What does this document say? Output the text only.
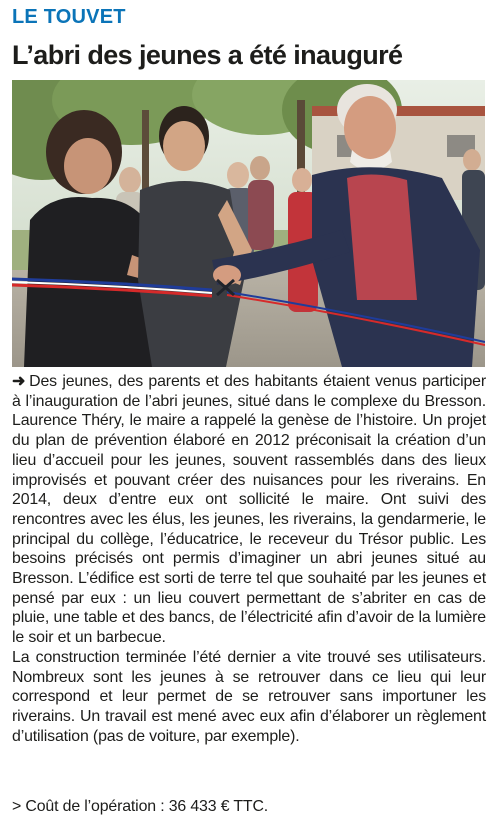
LE TOUVET
L’abri des jeunes a été inauguré

➜ Des jeunes, des parents et des habitants étaient venus participer à l’inauguration de l’abri jeunes, situé dans le complexe du Bresson. Laurence Théry, le maire a rappelé la genèse de l’histoire. Un projet du plan de prévention élaboré en 2012 préconisait la création d’un lieu d’accueil pour les jeunes, souvent rassemblés dans des lieux improvisés et pouvant créer des nuisances pour les riverains. En 2014, deux d’entre eux ont sollicité le maire. Ont suivi des rencontres avec les élus, les jeunes, les riverains, la gendarmerie, le principal du collège, l’éducatrice, le receveur du Trésor public. Les besoins précisés ont permis d’imaginer un abri jeunes situé au Bresson. L’édifice est sorti de terre tel que souhaité par les jeunes et pensé par eux : un lieu couvert permettant de s’abriter en cas de pluie, une table et des bancs, de l’électricité afin d’avoir de la lumière le soir et un barbecue.

La construction terminée l’été dernier a vite trouvé ses utilisateurs. Nombreux sont les jeunes à se retrouver dans ce lieu qui leur correspond et leur permet de se retrouver sans importuner les riverains. Un travail est mené avec eux afin d’élaborer un règlement d’utilisation (pas de voiture, par exemple).

> Coût de l’opération : 36 433 € TTC.
